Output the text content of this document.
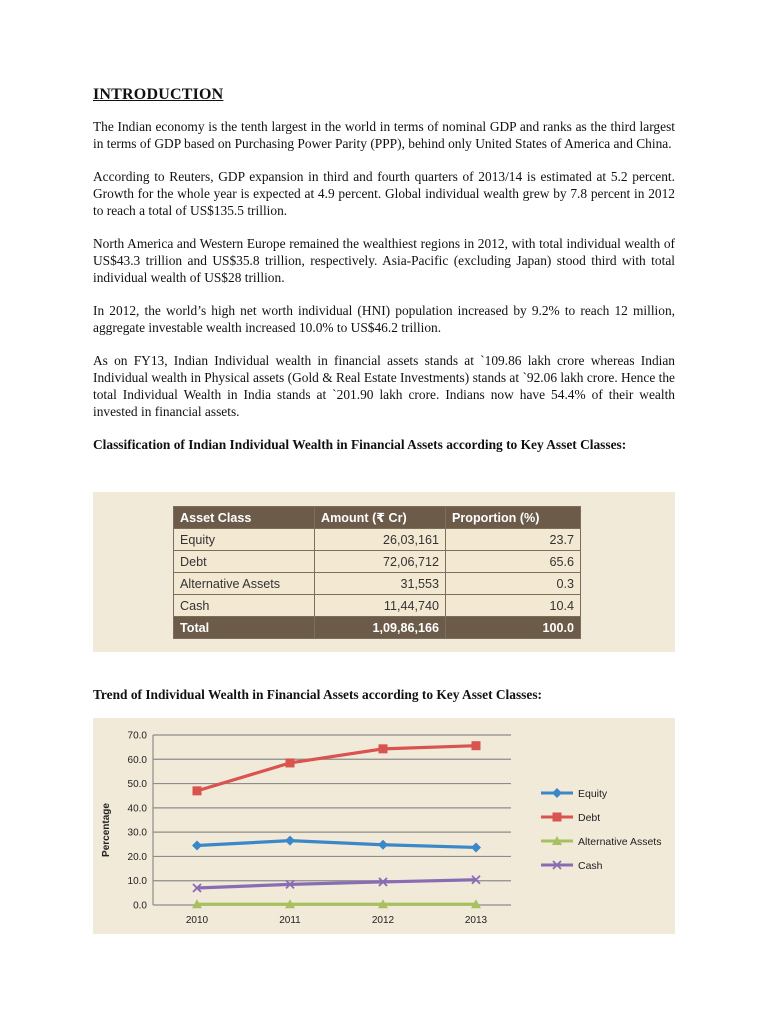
INTRODUCTION

The Indian economy is the tenth largest in the world in terms of nominal GDP and ranks as the third largest in terms of GDP based on Purchasing Power Parity (PPP), behind only United States of America and China.

According to Reuters, GDP expansion in third and fourth quarters of 2013/14 is estimated at 5.2 percent. Growth for the whole year is expected at 4.9 percent. Global individual wealth grew by 7.8 percent in 2012 to reach a total of US$135.5 trillion.

North America and Western Europe remained the wealthiest regions in 2012, with total individual wealth of US$43.3 trillion and US$35.8 trillion, respectively. Asia-Pacific (excluding Japan) stood third with total individual wealth of US$28 trillion.

In 2012, the world’s high net worth individual (HNI) population increased by 9.2% to reach 12 million, aggregate investable wealth increased 10.0% to US$46.2 trillion.

As on FY13, Indian Individual wealth in financial assets stands at `109.86 lakh crore whereas Indian Individual wealth in Physical assets (Gold & Real Estate Investments) stands at `92.06 lakh crore. Hence the total Individual Wealth in India stands at `201.90 lakh crore. Indians now have 54.4% of their wealth invested in financial assets.

Classification of Indian Individual Wealth in Financial Assets according to Key Asset Classes:
Asset Class	Amount (₹ Cr)	Proportion (%)
Equity	26,03,161	23.7
Debt	72,06,712	65.6
Alternative Assets	31,553	0.3
Cash	11,44,740	10.4
Total	1,09,86,166	100.0
Trend of Individual Wealth in Financial Assets according to Key Asset Classes:
0.0
10.0
20.0
30.0
40.0
50.0
60.0
70.0
2010	2011	2012	2013
Percentage
Equity
Debt
Alternative Assets
Cash
